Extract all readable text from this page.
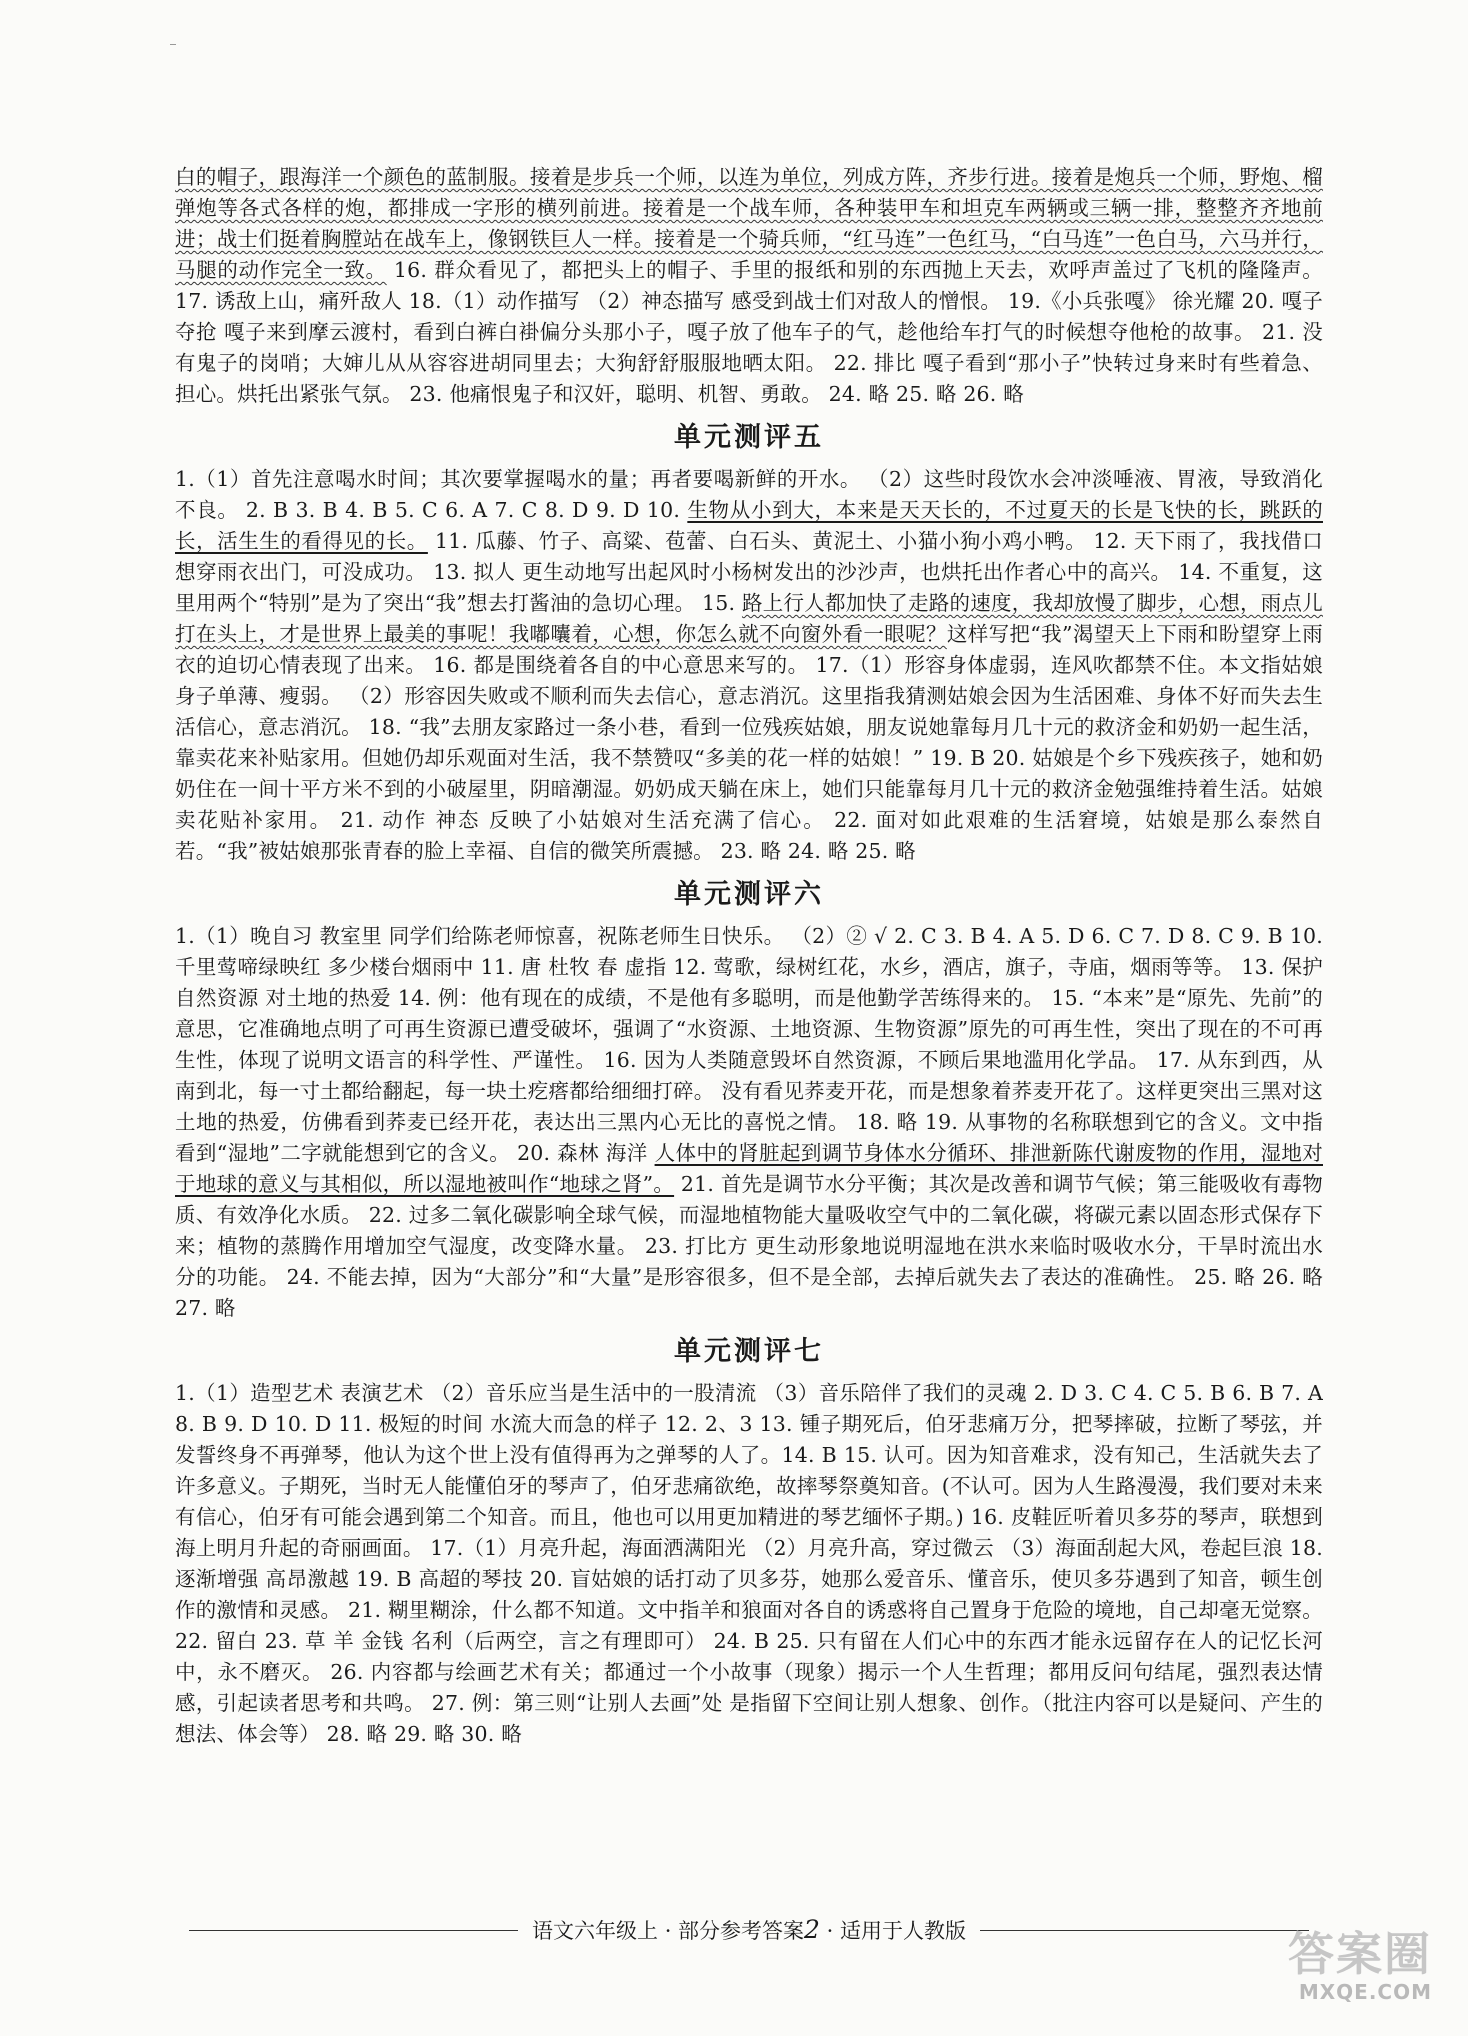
白的帽子，跟海洋一个颜色的蓝制服。接着是步兵一个师，以连为单位，列成方阵，齐步行进。接着是炮兵一个师，野炮、榴弹炮等各式各样的炮，都排成一字形的横列前进。接着是一个战车师，各种装甲车和坦克车两辆或三辆一排，整整齐齐地前进；战士们挺着胸膛站在战车上，像钢铁巨人一样。接着是一个骑兵师，“红马连”一色红马，“白马连”一色白马，六马并行，马腿的动作完全一致。 16. 群众看见了，都把头上的帽子、手里的报纸和别的东西抛上天去，欢呼声盖过了飞机的隆隆声。 17. 诱敌上山，痛歼敌人 18.（1）动作描写 （2）神态描写 感受到战士们对敌人的憎恨。 19.《小兵张嘎》 徐光耀 20. 嘎子夺抢 嘎子来到摩云渡村，看到白裤白褂偏分头那小子，嘎子放了他车子的气，趁他给车打气的时候想夺他枪的故事。 21. 没有鬼子的岗哨；大婶儿从从容容进胡同里去；大狗舒舒服服地晒太阳。 22. 排比 嘎子看到“那小子”快转过身来时有些着急、担心。烘托出紧张气氛。 23. 他痛恨鬼子和汉奸，聪明、机智、勇敢。 24. 略 25. 略 26. 略

单元测评五

1.（1）首先注意喝水时间；其次要掌握喝水的量；再者要喝新鲜的开水。 （2）这些时段饮水会冲淡唾液、胃液，导致消化不良。 2. B 3. B 4. B 5. C 6. A 7. C 8. D 9. D 10. 生物从小到大，本来是天天长的，不过夏天的长是飞快的长，跳跃的长，活生生的看得见的长。 11. 瓜藤、竹子、高粱、苞蕾、白石头、黄泥土、小猫小狗小鸡小鸭。 12. 天下雨了，我找借口想穿雨衣出门，可没成功。 13. 拟人 更生动地写出起风时小杨树发出的沙沙声，也烘托出作者心中的高兴。 14. 不重复，这里用两个“特别”是为了突出“我”想去打酱油的急切心理。 15. 路上行人都加快了走路的速度，我却放慢了脚步，心想，雨点儿打在头上，才是世界上最美的事呢！我嘟囔着，心想，你怎么就不向窗外看一眼呢？这样写把“我”渴望天上下雨和盼望穿上雨衣的迫切心情表现了出来。 16. 都是围绕着各自的中心意思来写的。 17.（1）形容身体虚弱，连风吹都禁不住。本文指姑娘身子单薄、瘦弱。 （2）形容因失败或不顺利而失去信心，意志消沉。这里指我猜测姑娘会因为生活困难、身体不好而失去生活信心，意志消沉。 18. “我”去朋友家路过一条小巷，看到一位残疾姑娘，朋友说她靠每月几十元的救济金和奶奶一起生活，靠卖花来补贴家用。但她仍却乐观面对生活，我不禁赞叹“多美的花一样的姑娘！” 19. B 20. 姑娘是个乡下残疾孩子，她和奶奶住在一间十平方米不到的小破屋里，阴暗潮湿。奶奶成天躺在床上，她们只能靠每月几十元的救济金勉强维持着生活。姑娘卖花贴补家用。 21. 动作 神态 反映了小姑娘对生活充满了信心。 22. 面对如此艰难的生活窘境，姑娘是那么泰然自若。“我”被姑娘那张青春的脸上幸福、自信的微笑所震撼。 23. 略 24. 略 25. 略

单元测评六

1.（1）晚自习 教室里 同学们给陈老师惊喜，祝陈老师生日快乐。 （2）② √ 2. C 3. B 4. A 5. D 6. C 7. D 8. C 9. B 10. 千里莺啼绿映红 多少楼台烟雨中 11. 唐 杜牧 春 虚指 12. 莺歌，绿树红花，水乡，酒店，旗子，寺庙，烟雨等等。 13. 保护自然资源 对土地的热爱 14. 例：他有现在的成绩，不是他有多聪明，而是他勤学苦练得来的。 15. “本来”是“原先、先前”的意思，它准确地点明了可再生资源已遭受破坏，强调了“水资源、土地资源、生物资源”原先的可再生性，突出了现在的不可再生性，体现了说明文语言的科学性、严谨性。 16. 因为人类随意毁坏自然资源，不顾后果地滥用化学品。 17. 从东到西，从南到北，每一寸土都给翻起，每一块土疙瘩都给细细打碎。 没有看见荞麦开花，而是想象着荞麦开花了。这样更突出三黑对这土地的热爱，仿佛看到荞麦已经开花，表达出三黑内心无比的喜悦之情。 18. 略 19. 从事物的名称联想到它的含义。文中指看到“湿地”二字就能想到它的含义。 20. 森林 海洋 人体中的肾脏起到调节身体水分循环、排泄新陈代谢废物的作用，湿地对于地球的意义与其相似，所以湿地被叫作“地球之肾”。 21. 首先是调节水分平衡；其次是改善和调节气候；第三能吸收有毒物质、有效净化水质。 22. 过多二氧化碳影响全球气候，而湿地植物能大量吸收空气中的二氧化碳，将碳元素以固态形式保存下来；植物的蒸腾作用增加空气湿度，改变降水量。 23. 打比方 更生动形象地说明湿地在洪水来临时吸收水分，干旱时流出水分的功能。 24. 不能去掉，因为“大部分”和“大量”是形容很多，但不是全部，去掉后就失去了表达的准确性。 25. 略 26. 略 27. 略

单元测评七

1.（1）造型艺术 表演艺术 （2）音乐应当是生活中的一股清流 （3）音乐陪伴了我们的灵魂 2. D 3. C 4. C 5. B 6. B 7. A 8. B 9. D 10. D 11. 极短的时间 水流大而急的样子 12. 2、3 13. 锺子期死后，伯牙悲痛万分，把琴摔破，拉断了琴弦，并发誓终身不再弹琴，他认为这个世上没有值得再为之弹琴的人了。14. B 15. 认可。因为知音难求，没有知己，生活就失去了许多意义。子期死，当时无人能懂伯牙的琴声了，伯牙悲痛欲绝，故摔琴祭奠知音。(不认可。因为人生路漫漫，我们要对未来有信心，伯牙有可能会遇到第二个知音。而且，他也可以用更加精进的琴艺缅怀子期。) 16. 皮鞋匠听着贝多芬的琴声，联想到海上明月升起的奇丽画面。 17.（1）月亮升起，海面洒满阳光 （2）月亮升高，穿过微云 （3）海面刮起大风，卷起巨浪 18. 逐渐增强 高昂激越 19. B 高超的琴技 20. 盲姑娘的话打动了贝多芬，她那么爱音乐、懂音乐，使贝多芬遇到了知音，顿生创作的激情和灵感。 21. 糊里糊涂，什么都不知道。文中指羊和狼面对各自的诱惑将自己置身于危险的境地，自己却毫无觉察。 22. 留白 23. 草 羊 金钱 名利（后两空，言之有理即可） 24. B 25. 只有留在人们心中的东西才能永远留存在人的记忆长河中，永不磨灭。 26. 内容都与绘画艺术有关；都通过一个小故事（现象）揭示一个人生哲理；都用反问句结尾，强烈表达情感，引起读者思考和共鸣。 27. 例：第三则“让别人去画”处 是指留下空间让别人想象、创作。（批注内容可以是疑问、产生的想法、体会等） 28. 略 29. 略 30. 略

语文六年级上 · 部分参考答案2 · 适用于人教版	答案圈
MXQE.COM
